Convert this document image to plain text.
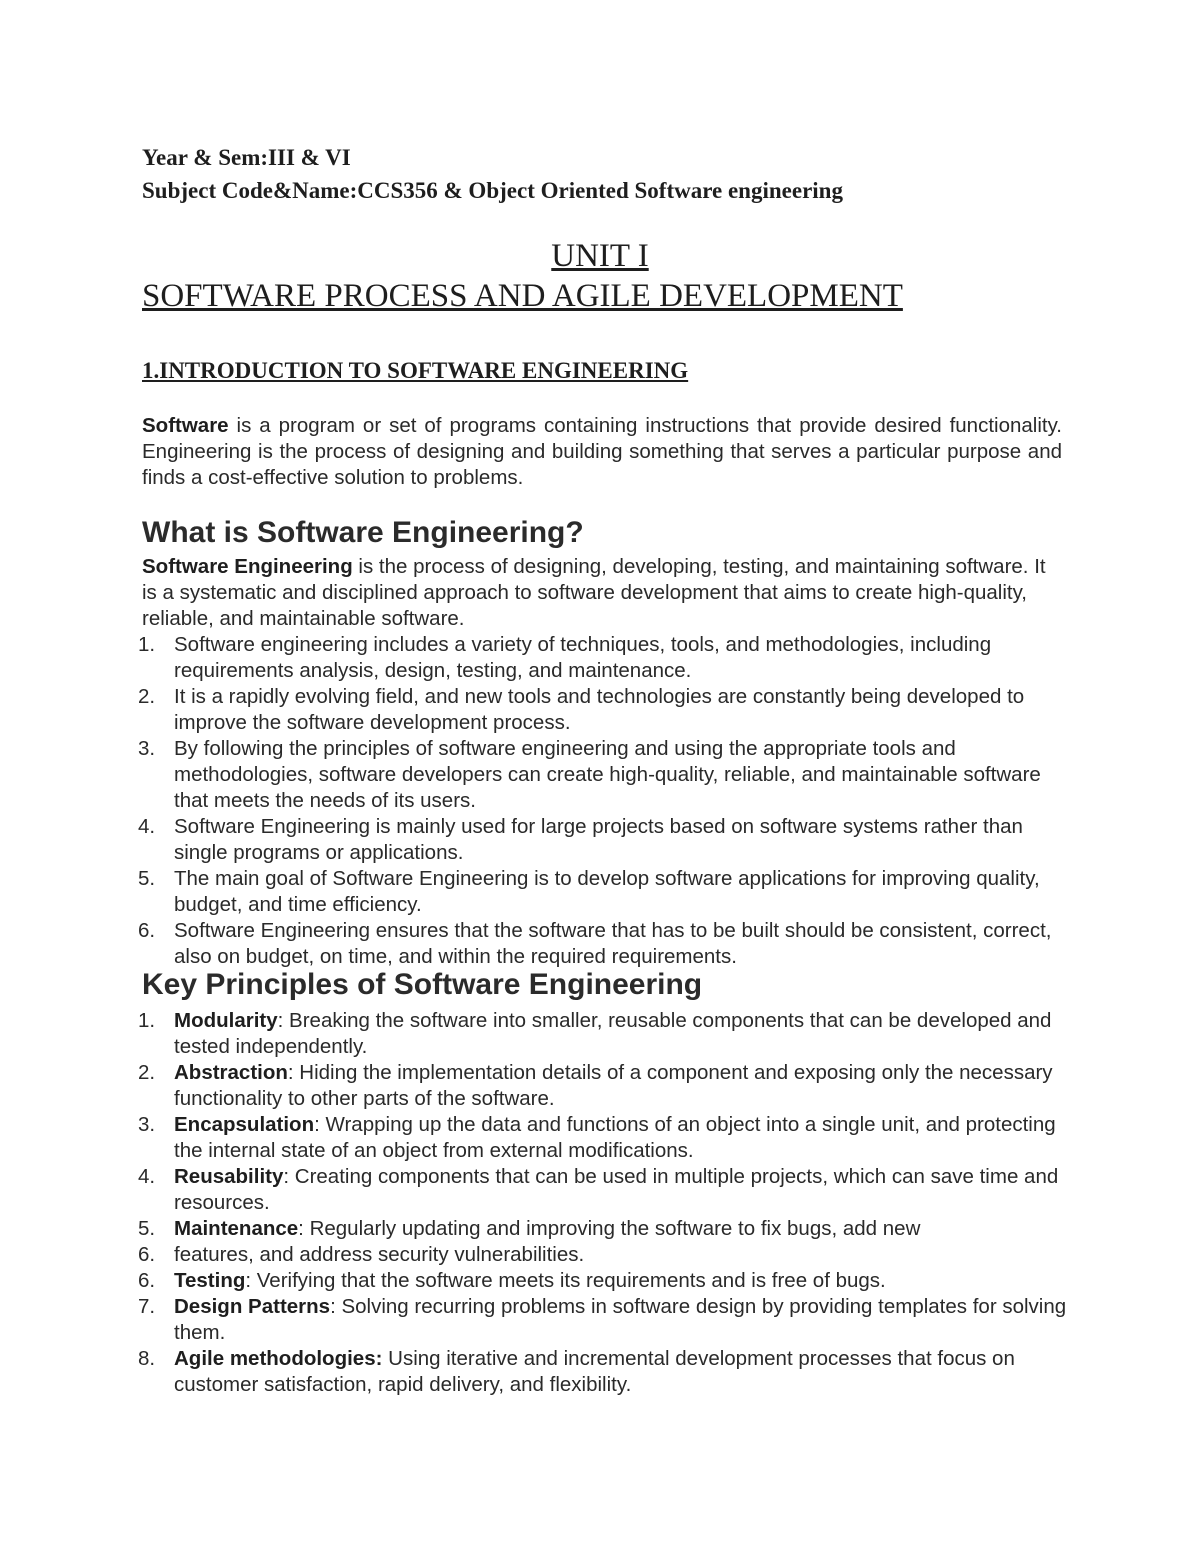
Year & Sem:III & VI
Subject Code&Name:CCS356 & Object Oriented Software engineering
UNIT I
SOFTWARE PROCESS AND AGILE DEVELOPMENT
1.INTRODUCTION TO SOFTWARE ENGINEERING
Software is a program or set of programs containing instructions that provide desired functionality. Engineering is the process of designing and building something that serves a particular purpose and finds a cost-effective solution to problems.
What is Software Engineering?
Software Engineering is the process of designing, developing, testing, and maintaining software. It is a systematic and disciplined approach to software development that aims to create high-quality, reliable, and maintainable software.
1. Software engineering includes a variety of techniques, tools, and methodologies, including requirements analysis, design, testing, and maintenance.
2. It is a rapidly evolving field, and new tools and technologies are constantly being developed to improve the software development process.
3. By following the principles of software engineering and using the appropriate tools and methodologies, software developers can create high-quality, reliable, and maintainable software that meets the needs of its users.
4. Software Engineering is mainly used for large projects based on software systems rather than single programs or applications.
5. The main goal of Software Engineering is to develop software applications for improving quality, budget, and time efficiency.
6. Software Engineering ensures that the software that has to be built should be consistent, correct, also on budget, on time, and within the required requirements.
Key Principles of Software Engineering
1. Modularity: Breaking the software into smaller, reusable components that can be developed and tested independently.
2. Abstraction: Hiding the implementation details of a component and exposing only the necessary functionality to other parts of the software.
3. Encapsulation: Wrapping up the data and functions of an object into a single unit, and protecting the internal state of an object from external modifications.
4. Reusability: Creating components that can be used in multiple projects, which can save time and resources.
5. Maintenance: Regularly updating and improving the software to fix bugs, add new
6. features, and address security vulnerabilities.
6. Testing: Verifying that the software meets its requirements and is free of bugs.
7. Design Patterns: Solving recurring problems in software design by providing templates for solving them.
8. Agile methodologies: Using iterative and incremental development processes that focus on customer satisfaction, rapid delivery, and flexibility.
